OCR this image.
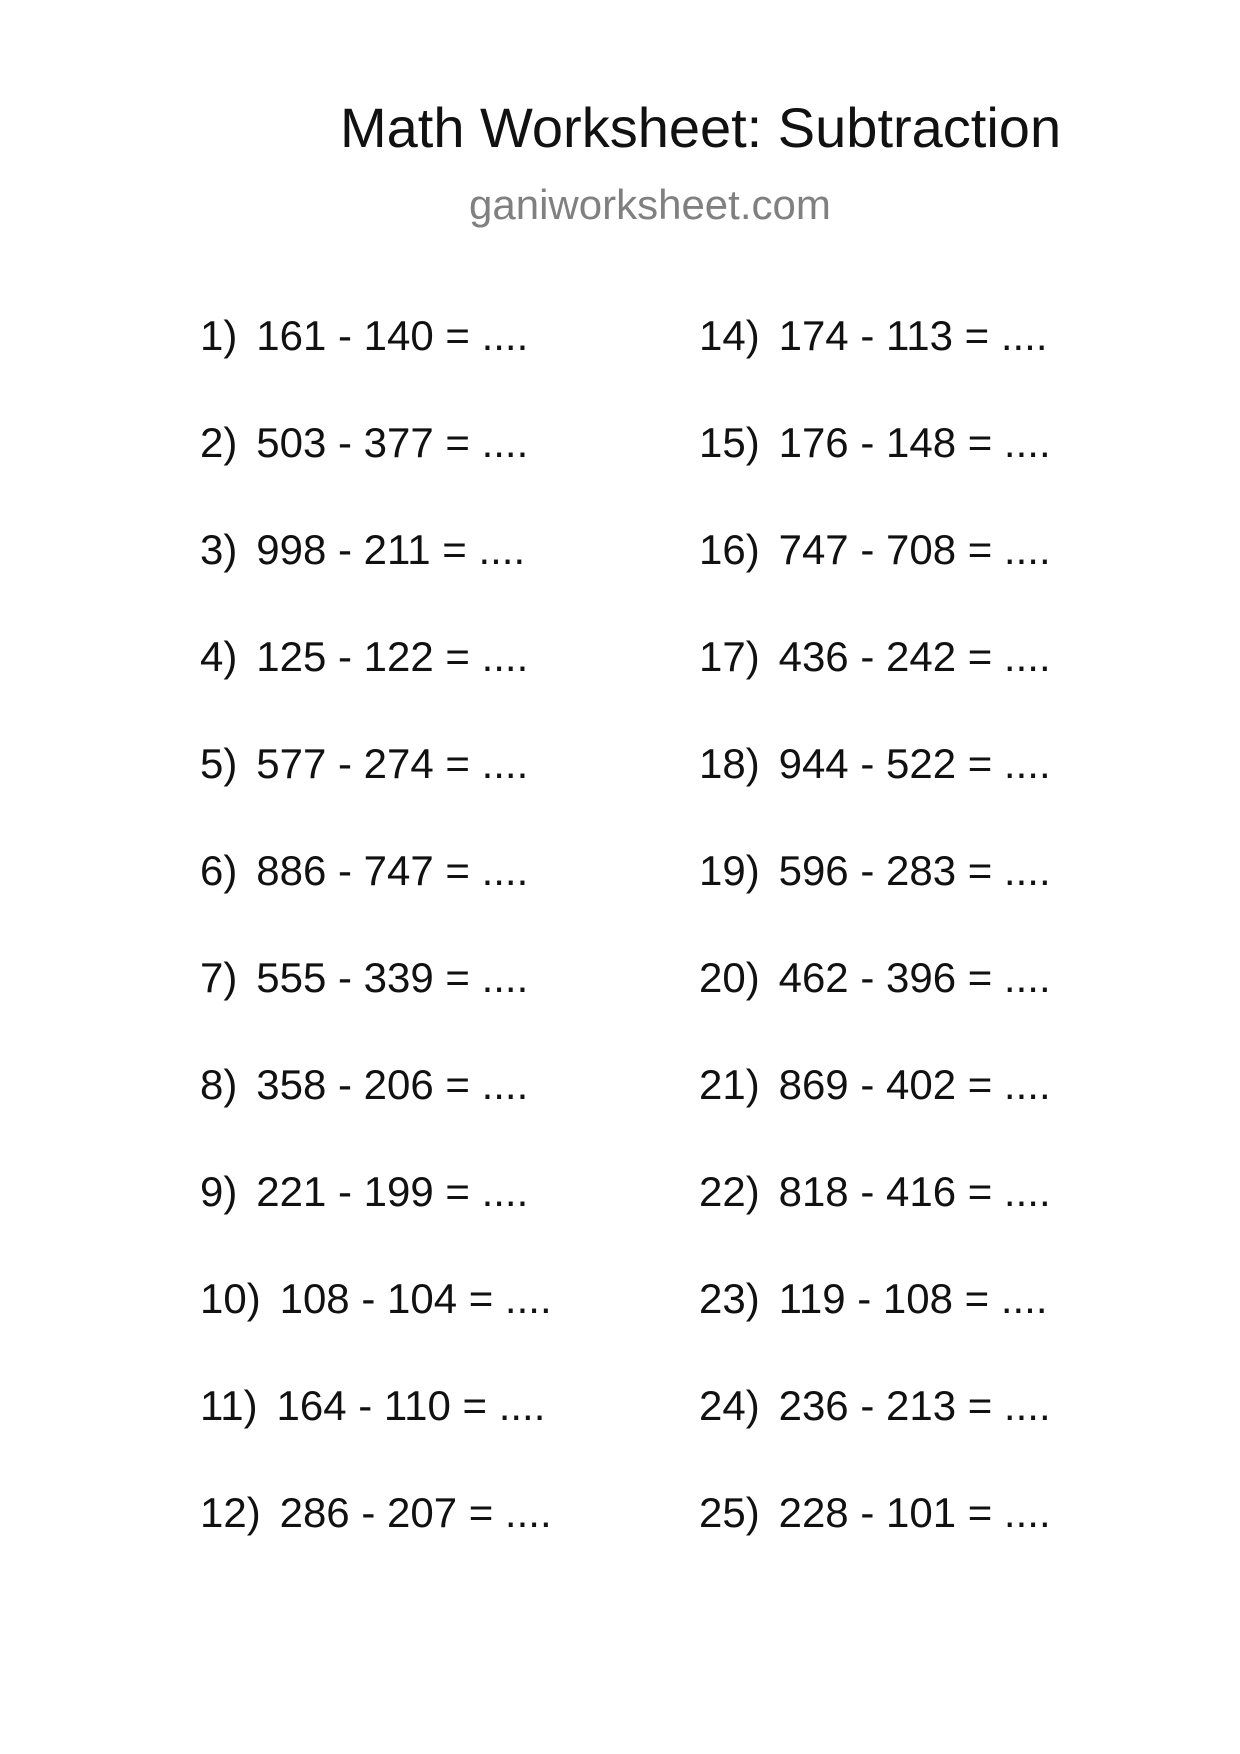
Math Worksheet: Subtraction
ganiworksheet.com
1) 161 - 140 = ....
2) 503 - 377 = ....
3) 998 - 211 = ....
4) 125 - 122 = ....
5) 577 - 274 = ....
6) 886 - 747 = ....
7) 555 - 339 = ....
8) 358 - 206 = ....
9) 221 - 199 = ....
10) 108 - 104 = ....
11) 164 - 110 = ....
12) 286 - 207 = ....
14) 174 - 113 = ....
15) 176 - 148 = ....
16) 747 - 708 = ....
17) 436 - 242 = ....
18) 944 - 522 = ....
19) 596 - 283 = ....
20) 462 - 396 = ....
21) 869 - 402 = ....
22) 818 - 416 = ....
23) 119 - 108 = ....
24) 236 - 213 = ....
25) 228 - 101 = ....
